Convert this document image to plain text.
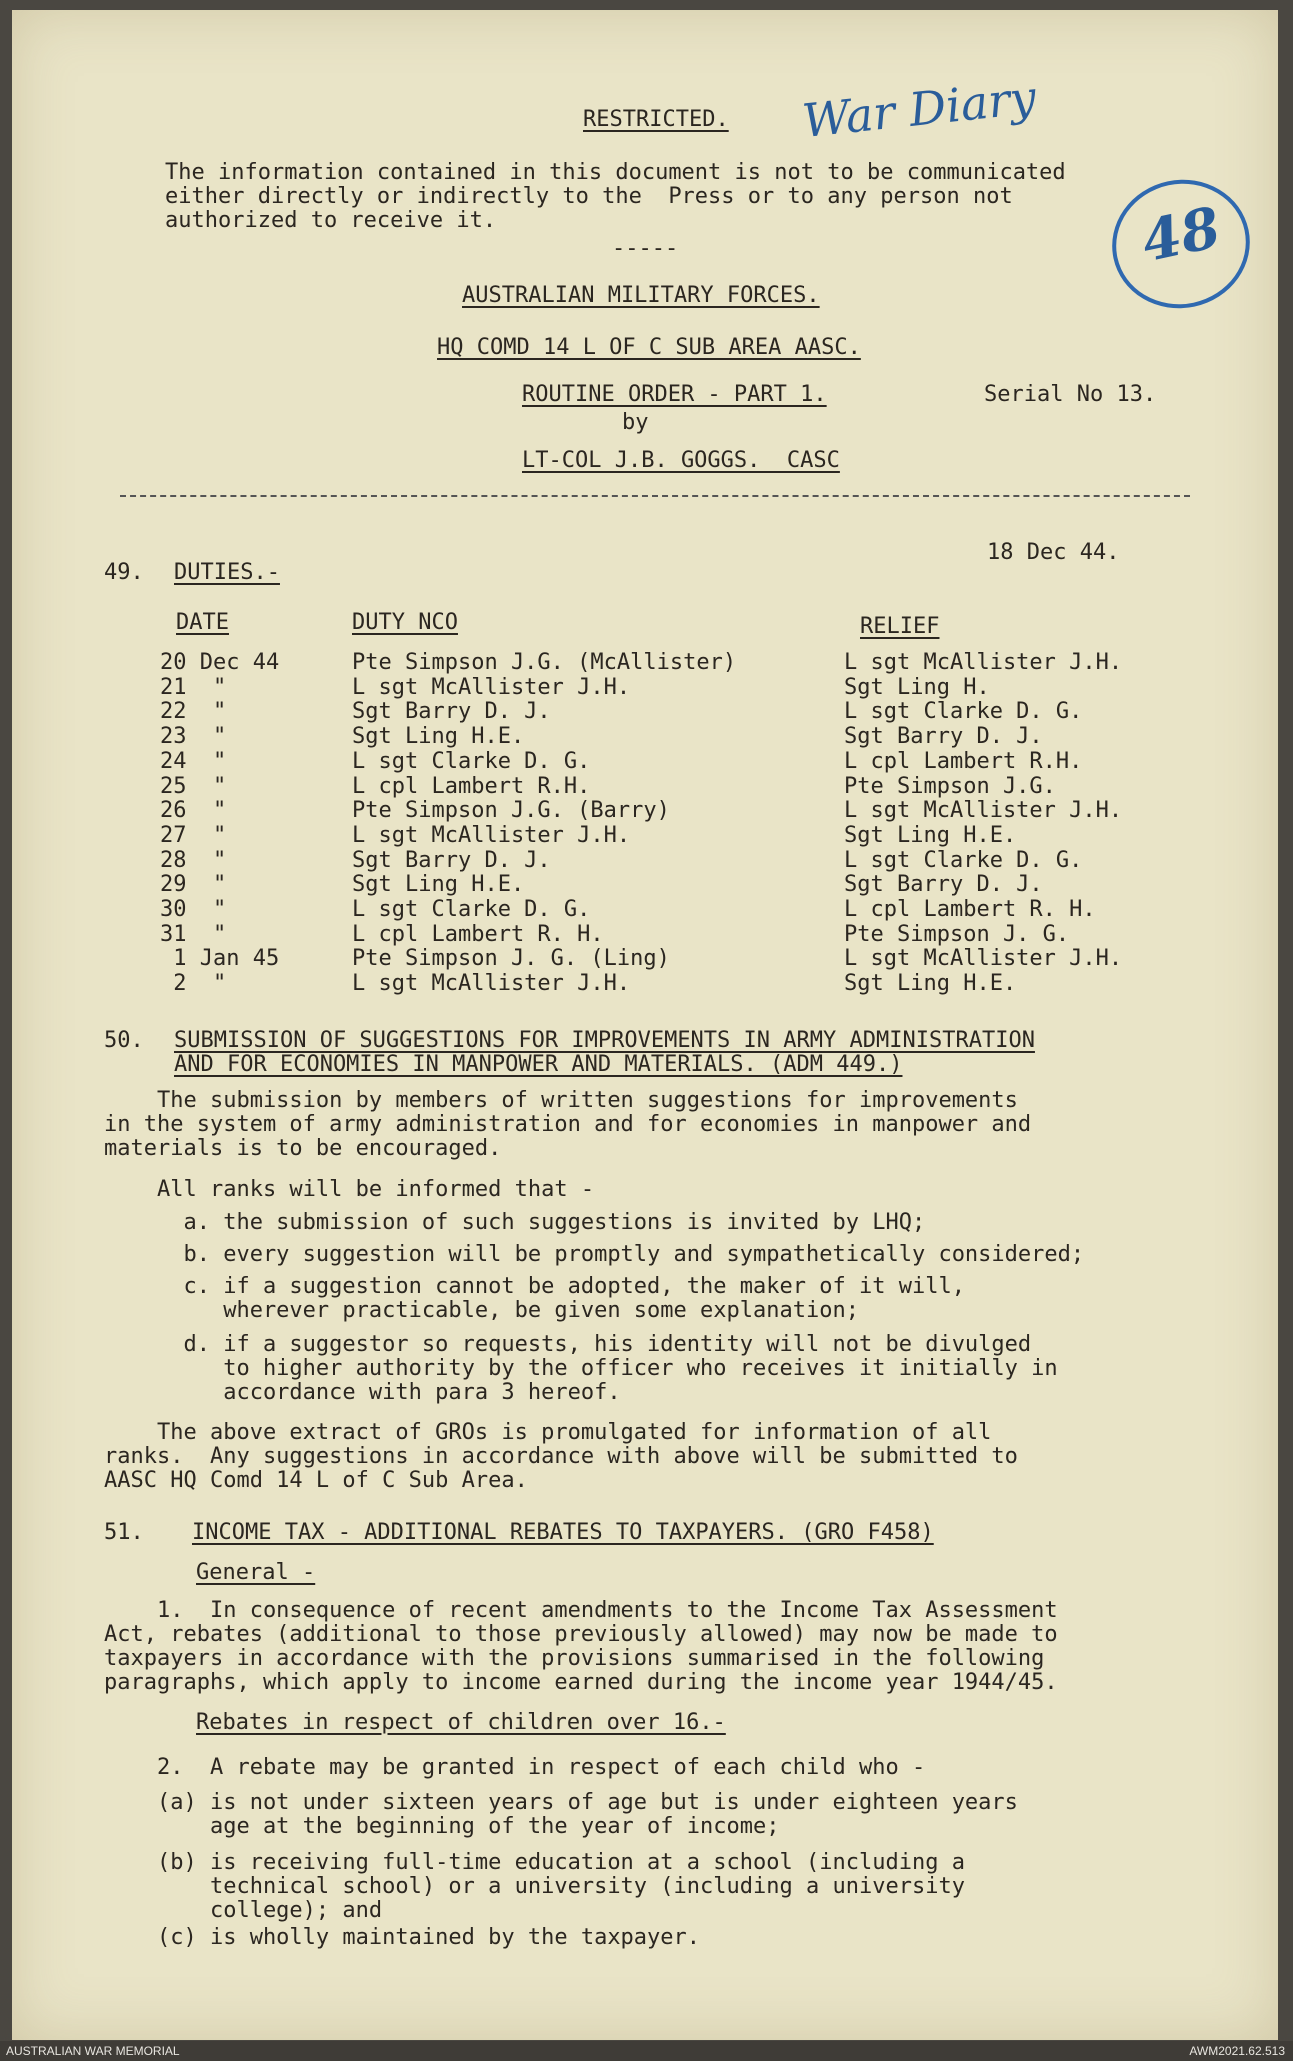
RESTRICTED. War Diary
48
The information contained in this document is not to be communicated
either directly or indirectly to the  Press or to any person not
authorized to receive it.
-----
AUSTRALIAN MILITARY FORCES.
HQ COMD 14 L OF C SUB AREA AASC.
ROUTINE ORDER - PART 1.	Serial No 13.
by
LT-COL J.B. GOGGS.  CASC
18 Dec 44.
49. DUTIES.-
DATE	DUTY NCO	RELIEF
20 Dec 44	Pte Simpson J.G. (McAllister)	L sgt McAllister J.H.
21  "	L sgt McAllister J.H.	Sgt Ling H.
22  "	Sgt Barry D. J.	L sgt Clarke D. G.
23  "	Sgt Ling H.E.	Sgt Barry D. J.
24  "	L sgt Clarke D. G.	L cpl Lambert R.H.
25  "	L cpl Lambert R.H.	Pte Simpson J.G.
26  "	Pte Simpson J.G. (Barry)	L sgt McAllister J.H.
27  "	L sgt McAllister J.H.	Sgt Ling H.E.
28  "	Sgt Barry D. J.	L sgt Clarke D. G.
29  "	Sgt Ling H.E.	Sgt Barry D. J.
30  "	L sgt Clarke D. G.	L cpl Lambert R. H.
31  "	L cpl Lambert R. H.	Pte Simpson J. G.
1 Jan 45	Pte Simpson J. G. (Ling)	L sgt McAllister J.H.
2  "	L sgt McAllister J.H.	Sgt Ling H.E.
50. SUBMISSION OF SUGGESTIONS FOR IMPROVEMENTS IN ARMY ADMINISTRATION
AND FOR ECONOMIES IN MANPOWER AND MATERIALS. (ADM 449.)
The submission by members of written suggestions for improvements
in the system of army administration and for economies in manpower and
materials is to be encouraged.
All ranks will be informed that -
a. the submission of such suggestions is invited by LHQ;
b. every suggestion will be promptly and sympathetically considered;
c. if a suggestion cannot be adopted, the maker of it will,
wherever practicable, be given some explanation;
d. if a suggestor so requests, his identity will not be divulged
to higher authority by the officer who receives it initially in
accordance with para 3 hereof.
The above extract of GROs is promulgated for information of all
ranks.  Any suggestions in accordance with above will be submitted to
AASC HQ Comd 14 L of C Sub Area.
51. INCOME TAX - ADDITIONAL REBATES TO TAXPAYERS. (GRO F458)
General -
1.  In consequence of recent amendments to the Income Tax Assessment
Act, rebates (additional to those previously allowed) may now be made to
taxpayers in accordance with the provisions summarised in the following
paragraphs, which apply to income earned during the income year 1944/45.
Rebates in respect of children over 16.-
2.  A rebate may be granted in respect of each child who -
(a) is not under sixteen years of age but is under eighteen years
age at the beginning of the year of income;
(b) is receiving full-time education at a school (including a
technical school) or a university (including a university
college); and
(c) is wholly maintained by the taxpayer.
AUSTRALIAN WAR MEMORIAL	AWM2021.62.513
